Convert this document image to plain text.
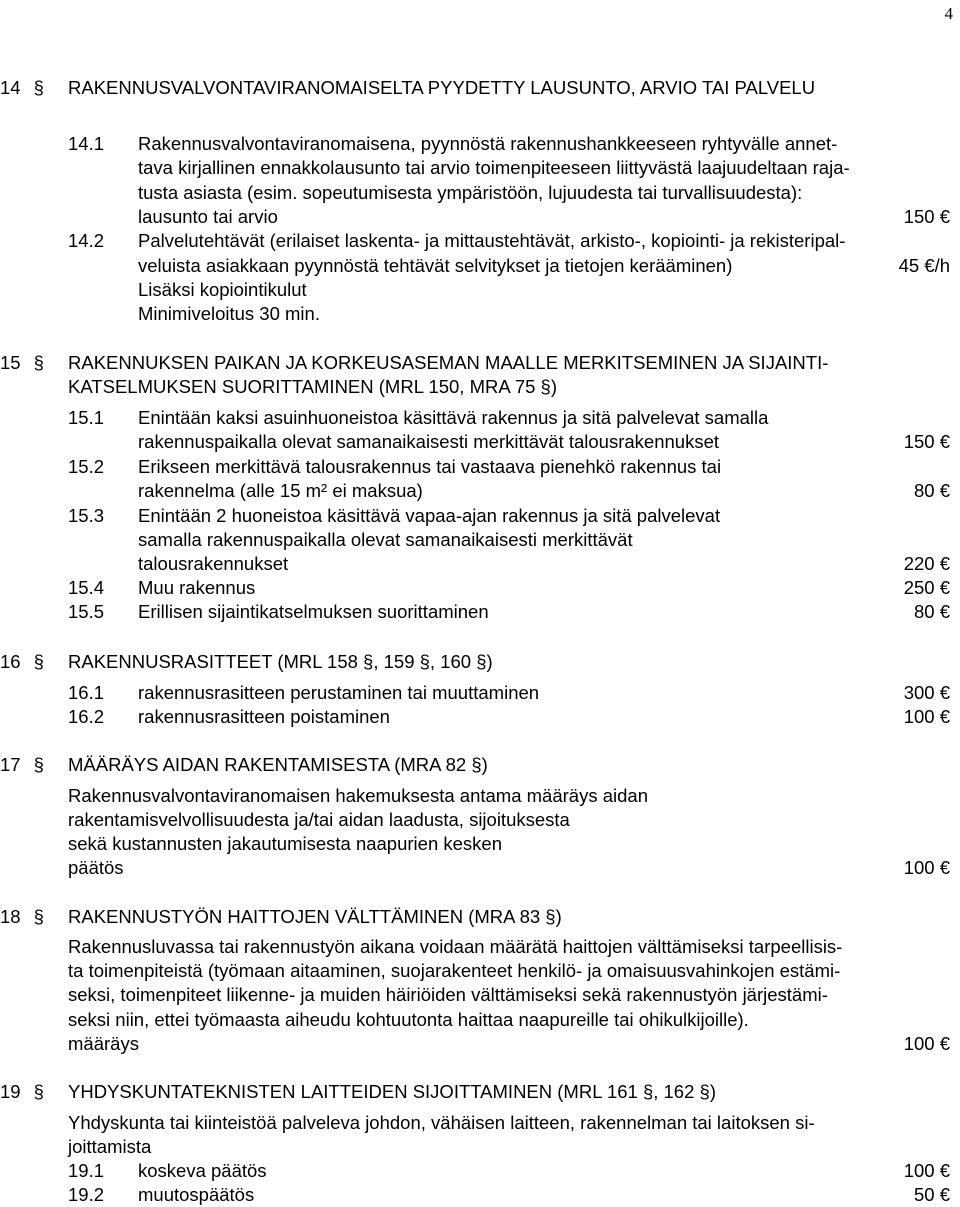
4
14 §	RAKENNUSVALVONTAVIRANOMAISELTA PYYDETTY LAUSUNTO, ARVIO TAI PALVELU
14.1 Rakennusvalvontaviranomaisena, pyynnöstä rakennushankkeeseen ryhtyvälle annet-
tava kirjallinen ennakkolausunto tai arvio toimenpiteeseen liittyvästä laajuudeltaan raja-
tusta asiasta (esim. sopeutumisesta ympäristöön, lujuudesta tai turvallisuudesta):
lausunto tai arvio	150 €
14.2 Palvelutehtävät (erilaiset laskenta- ja mittaustehtävät, arkisto-, kopiointi- ja rekisteripal-
veluista asiakkaan pyynnöstä tehtävät selvitykset ja tietojen kerääminen)	45 €/h
Lisäksi kopiointikulut
Minimiveloitus 30 min.
15 §	RAKENNUKSEN PAIKAN JA KORKEUSASEMAN MAALLE MERKITSEMINEN JA SIJAINTI-
KATSELMUKSEN SUORITTAMINEN (MRL 150, MRA 75 §)
15.1 Enintään kaksi asuinhuoneistoa käsittävä rakennus ja sitä palvelevat samalla
rakennuspaikalla olevat samanaikaisesti merkittävät talousrakennukset	150 €
15.2 Erikseen merkittävä talousrakennus tai vastaava pienehkö rakennus tai
rakennelma (alle 15 m² ei maksua)	80 €
15.3 Enintään 2 huoneistoa käsittävä vapaa-ajan rakennus ja sitä palvelevat
samalla rakennuspaikalla olevat samanaikaisesti merkittävät
talousrakennukset	220 €
15.4 Muu rakennus	250 €
15.5 Erillisen sijaintikatselmuksen suorittaminen	80 €
16 §	RAKENNUSRASITTEET (MRL 158 §, 159 §, 160 §)
16.1 rakennusrasitteen perustaminen tai muuttaminen	300 €
16.2 rakennusrasitteen poistaminen	100 €
17 §	MÄÄRÄYS AIDAN RAKENTAMISESTA (MRA 82 §)
Rakennusvalvontaviranomaisen hakemuksesta antama määräys aidan
rakentamisvelvollisuudesta ja/tai aidan laadusta, sijoituksesta
sekä kustannusten jakautumisesta naapurien kesken
päätös	100 €
18 §	RAKENNUSTYÖN HAITTOJEN VÄLTTÄMINEN (MRA 83 §)
Rakennusluvassa tai rakennustyön aikana voidaan määrätä haittojen välttämiseksi tarpeellisis-
ta toimenpiteistä (työmaan aitaaminen, suojarakenteet henkilö- ja omaisuusvahinkojen estämi-
seksi, toimenpiteet liikenne- ja muiden häiriöiden välttämiseksi sekä rakennustyön järjestämi-
seksi niin, ettei työmaasta aiheudu kohtuutonta haittaa naapureille tai ohikulkijoille).
määräys	100 €
19 §	YHDYSKUNTATEKNISTEN LAITTEIDEN SIJOITTAMINEN (MRL 161 §, 162 §)
Yhdyskunta tai kiinteistöä palveleva johdon, vähäisen laitteen, rakennelman tai laitoksen si-
joittamista
19.1 koskeva päätös	100 €
19.2 muutospäätös	50 €
